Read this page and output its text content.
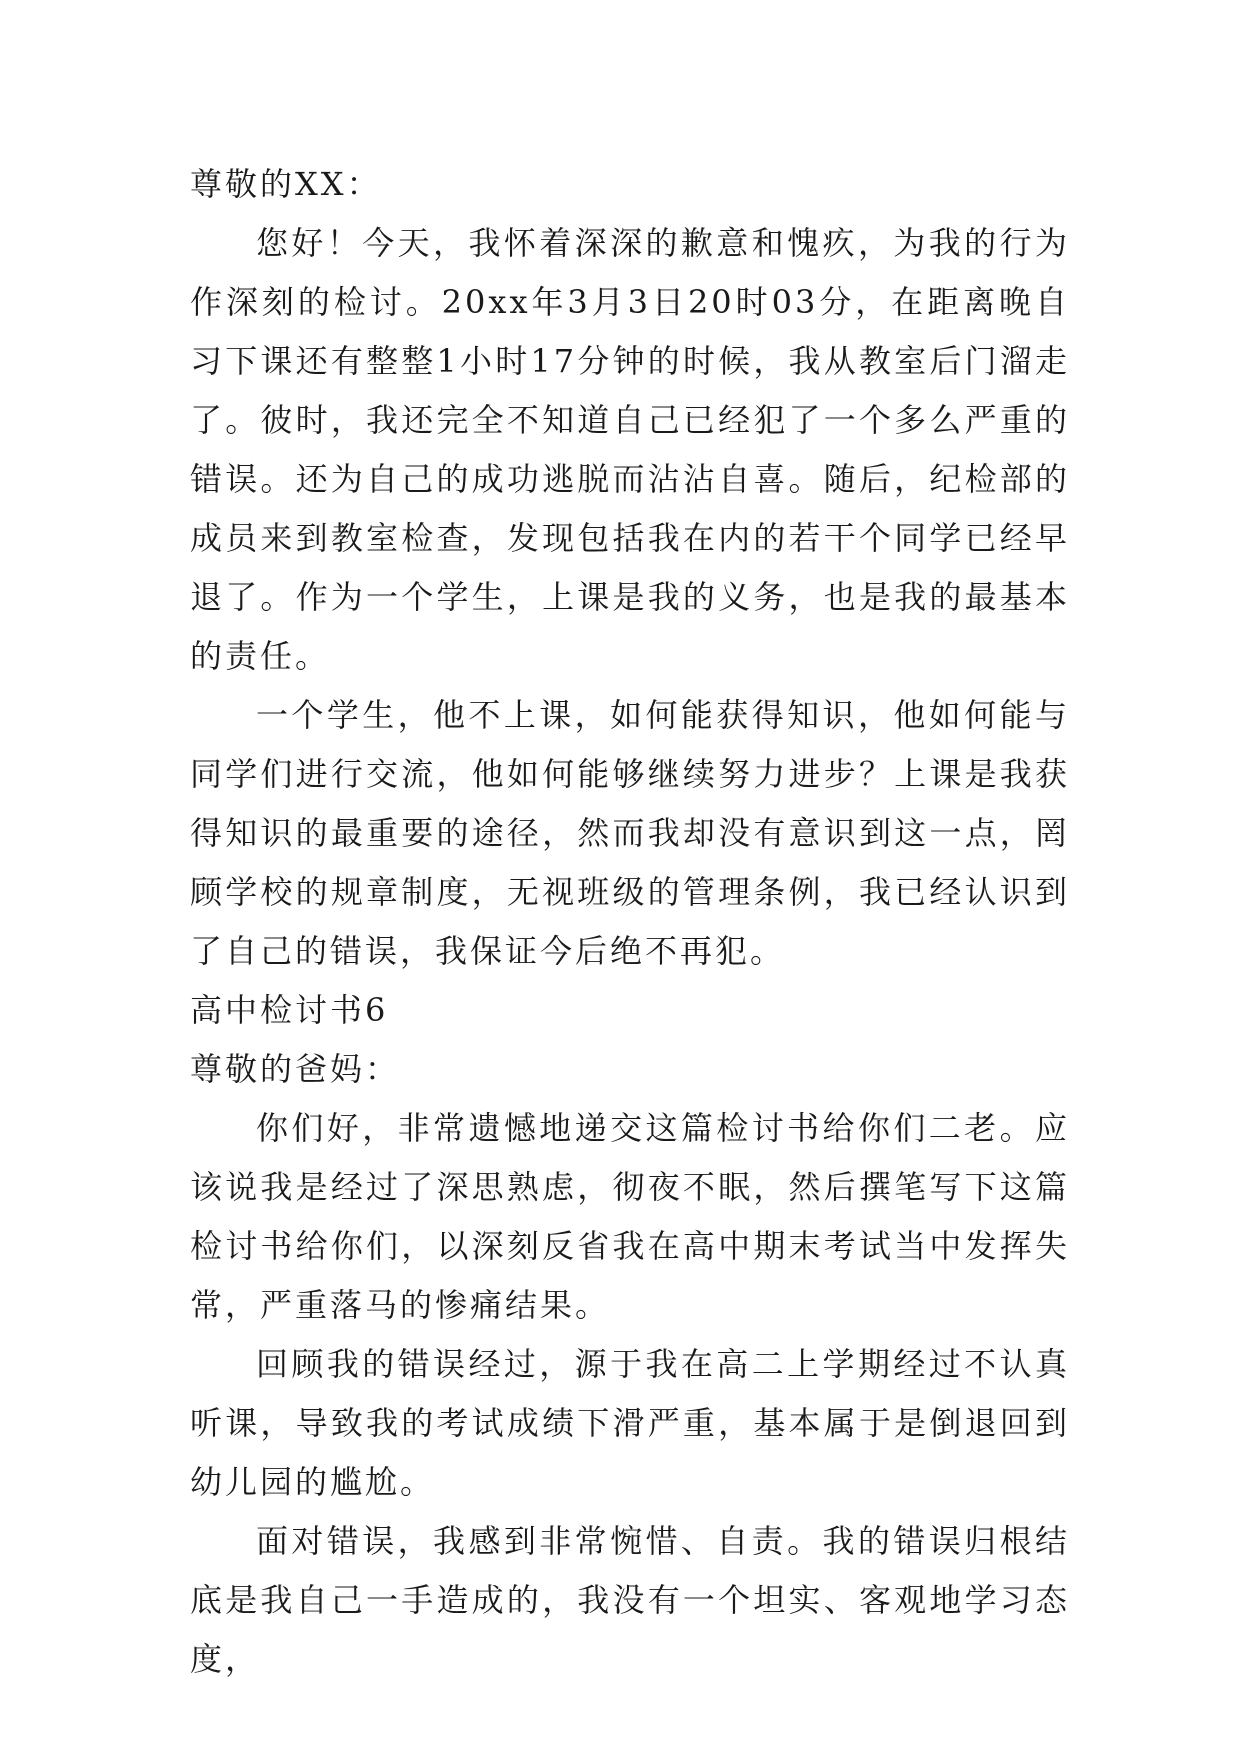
尊敬的XX：

您好！今天，我怀着深深的歉意和愧疚，为我的行为作深刻的检讨。20xx年3月3日20时03分，在距离晚自习下课还有整整1小时17分钟的时候，我从教室后门溜走了。彼时，我还完全不知道自己已经犯了一个多么严重的错误。还为自己的成功逃脱而沾沾自喜。随后，纪检部的成员来到教室检查，发现包括我在内的若干个同学已经早退了。作为一个学生，上课是我的义务，也是我的最基本的责任。

一个学生，他不上课，如何能获得知识，他如何能与同学们进行交流，他如何能够继续努力进步？上课是我获得知识的最重要的途径，然而我却没有意识到这一点，罔顾学校的规章制度，无视班级的管理条例，我已经认识到了自己的错误，我保证今后绝不再犯。

高中检讨书6

尊敬的爸妈：

你们好，非常遗憾地递交这篇检讨书给你们二老。应该说我是经过了深思熟虑，彻夜不眠，然后撰笔写下这篇检讨书给你们，以深刻反省我在高中期末考试当中发挥失常，严重落马的惨痛结果。

回顾我的错误经过，源于我在高二上学期经过不认真听课，导致我的考试成绩下滑严重，基本属于是倒退回到幼儿园的尴尬。

面对错误，我感到非常惋惜、自责。我的错误归根结底是我自己一手造成的，我没有一个坦实、客观地学习态度，
